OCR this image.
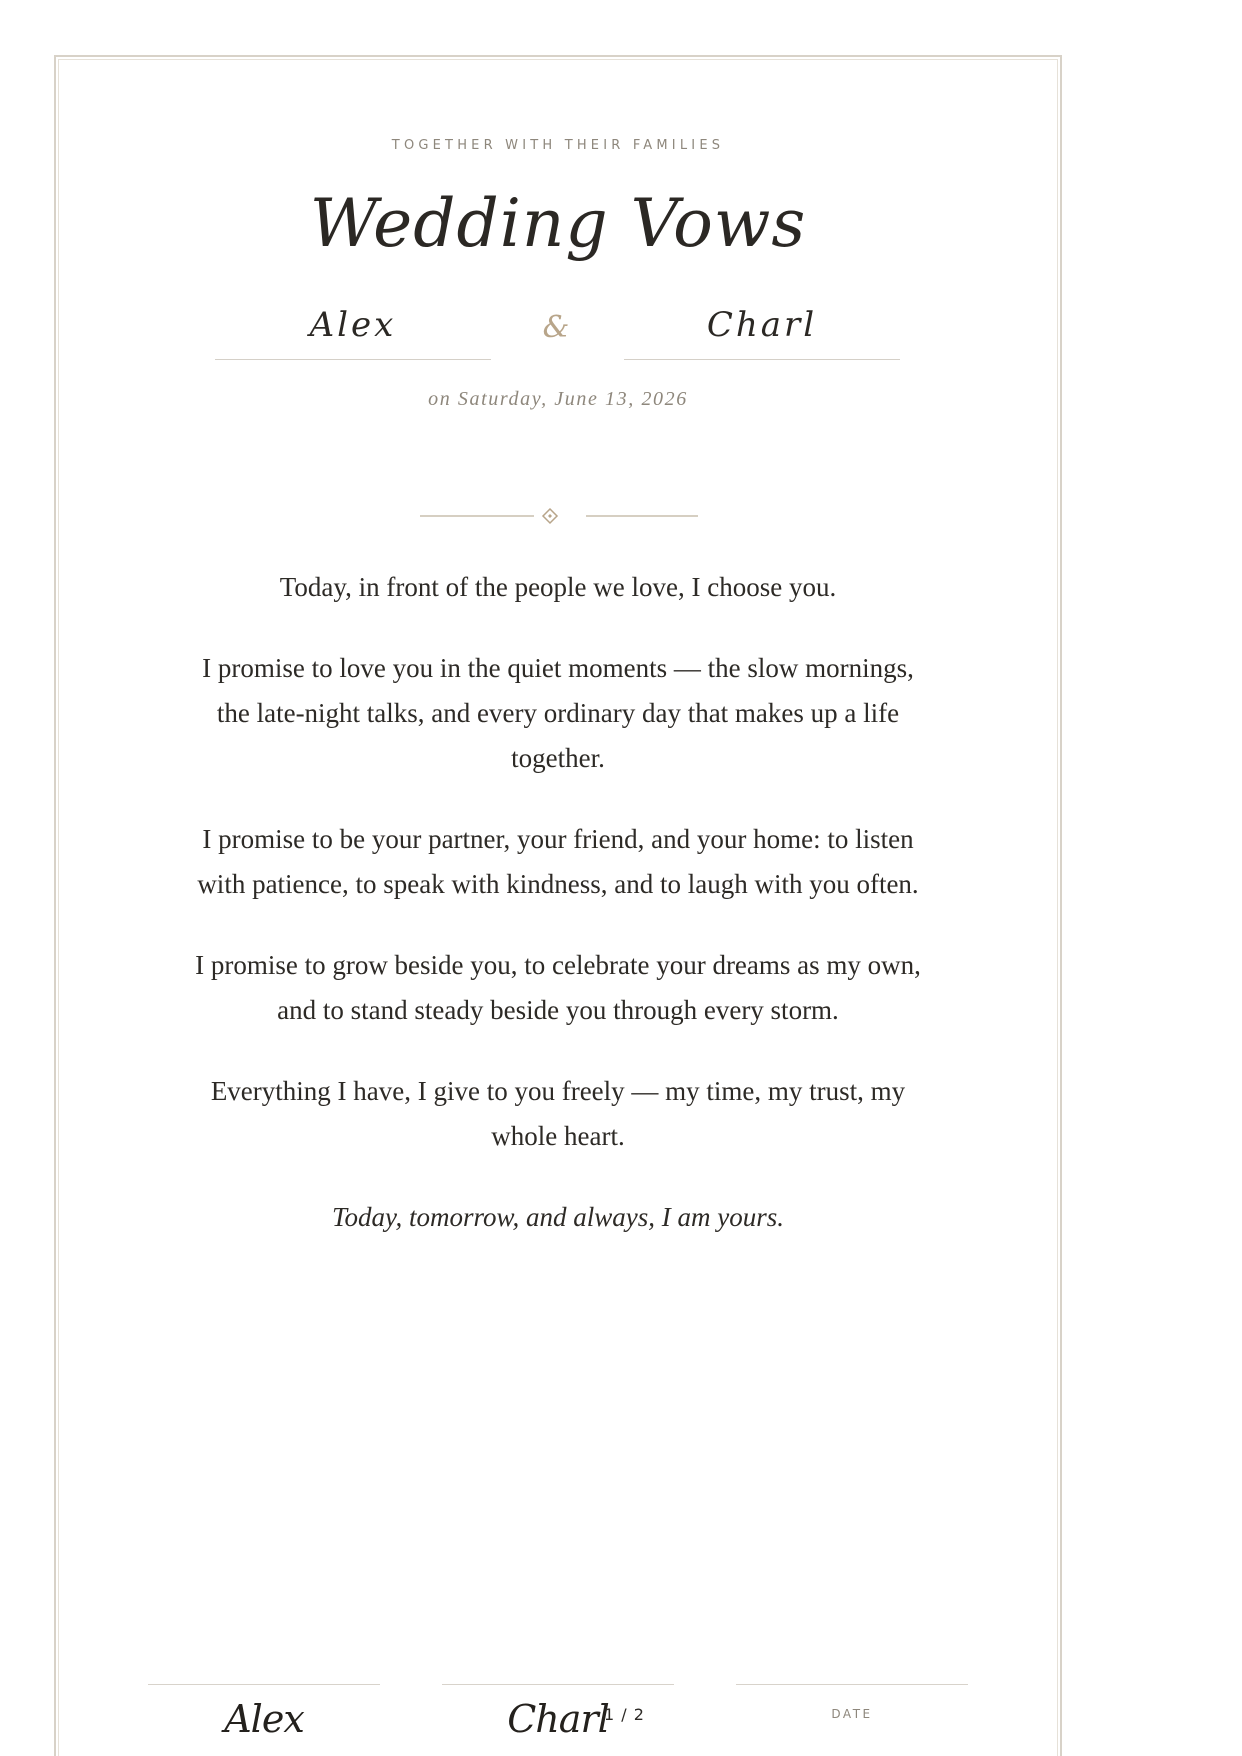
TOGETHER WITH THEIR FAMILIES
Wedding Vows
Alex	&	Charl
on Saturday, June 13, 2026

Today, in front of the people we love, I choose you.

I promise to love you in the quiet moments — the slow mornings, the late-night talks, and every ordinary day that makes up a life together.

I promise to be your partner, your friend, and your home: to listen with patience, to speak with kindness, and to laugh with you often.

I promise to grow beside you, to celebrate your dreams as my own, and to stand steady beside you through every storm.

Everything I have, I give to you freely — my time, my trust, my whole heart.

Today, tomorrow, and always, I am yours.

Alex	Charl	DATE
1 / 2
